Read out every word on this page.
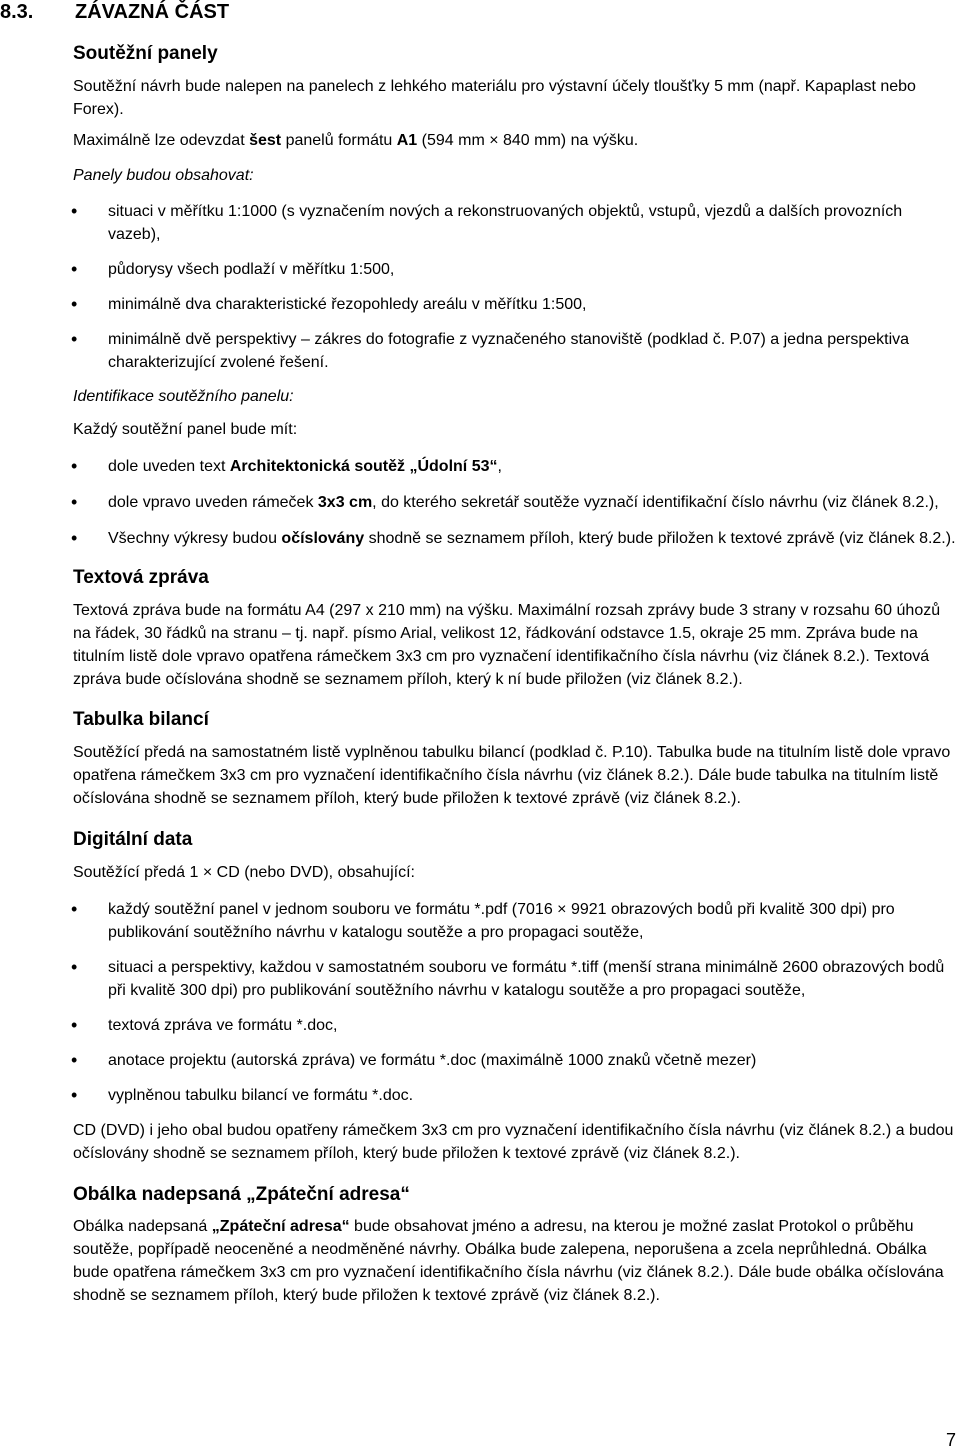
8.3. ZÁVAZNÁ ČÁST
Soutěžní panely

Soutěžní návrh bude nalepen na panelech z lehkého materiálu pro výstavní účely tloušťky 5 mm (např. Kapaplast nebo Forex).

Maximálně lze odevzdat šest panelů formátu A1 (594 mm × 840 mm) na výšku.

Panely budou obsahovat:

• situaci v měřítku 1:1000 (s vyznačením nových a rekonstruovaných objektů, vstupů, vjezdů a dalších provozních vazeb),
• půdorysy všech podlaží v měřítku 1:500,
• minimálně dva charakteristické řezopohledy areálu v měřítku 1:500,
• minimálně dvě perspektivy – zákres do fotografie z vyznačeného stanoviště (podklad č. P.07) a jedna perspektiva charakterizující zvolené řešení.

Identifikace soutěžního panelu:

Každý soutěžní panel bude mít:

• dole uveden text Architektonická soutěž „Údolní 53“,
• dole vpravo uveden rámeček 3x3 cm, do kterého sekretář soutěže vyznačí identifikační číslo návrhu (viz článek 8.2.),
• Všechny výkresy budou očíslovány shodně se seznamem příloh, který bude přiložen k textové zprávě (viz článek 8.2.).
Textová zpráva

Textová zpráva bude na formátu A4 (297 x 210 mm) na výšku. Maximální rozsah zprávy bude 3 strany v rozsahu 60 úhozů na řádek, 30 řádků na stranu – tj. např. písmo Arial, velikost 12, řádkování odstavce 1.5, okraje 25 mm. Zpráva bude na titulním listě dole vpravo opatřena rámečkem 3x3 cm pro vyznačení identifikačního čísla návrhu (viz článek 8.2.). Textová zpráva bude očíslována shodně se seznamem příloh, který k ní bude přiložen (viz článek 8.2.).

Tabulka bilancí

Soutěžící předá na samostatném listě vyplněnou tabulku bilancí (podklad č. P.10). Tabulka bude na titulním listě dole vpravo opatřena rámečkem 3x3 cm pro vyznačení identifikačního čísla návrhu (viz článek 8.2.). Dále bude tabulka na titulním listě očíslována shodně se seznamem příloh, který bude přiložen k textové zprávě (viz článek 8.2.).

Digitální data

Soutěžící předá 1 × CD (nebo DVD), obsahující:

• každý soutěžní panel v jednom souboru ve formátu *.pdf (7016 × 9921 obrazových bodů při kvalitě 300 dpi) pro publikování soutěžního návrhu v katalogu soutěže a pro propagaci soutěže,
• situaci a perspektivy, každou v samostatném souboru ve formátu *.tiff (menší strana minimálně 2600 obrazových bodů při kvalitě 300 dpi) pro publikování soutěžního návrhu v katalogu soutěže a pro propagaci soutěže,
• textová zpráva ve formátu *.doc,
• anotace projektu (autorská zpráva) ve formátu *.doc (maximálně 1000 znaků včetně mezer)
• vyplněnou tabulku bilancí ve formátu *.doc.

CD (DVD) i jeho obal budou opatřeny rámečkem 3x3 cm pro vyznačení identifikačního čísla návrhu (viz článek 8.2.) a budou očíslovány shodně se seznamem příloh, který bude přiložen k textové zprávě (viz článek 8.2.).

Obálka nadepsaná „Zpáteční adresa“

Obálka nadepsaná „Zpáteční adresa“ bude obsahovat jméno a adresu, na kterou je možné zaslat Protokol o průběhu soutěže, popřípadě neoceněné a neodměněné návrhy. Obálka bude zalepena, neporušena a zcela neprůhledná. Obálka bude opatřena rámečkem 3x3 cm pro vyznačení identifikačního čísla návrhu (viz článek 8.2.). Dále bude obálka očíslována shodně se seznamem příloh, který bude přiložen k textové zprávě (viz článek 8.2.).

7
